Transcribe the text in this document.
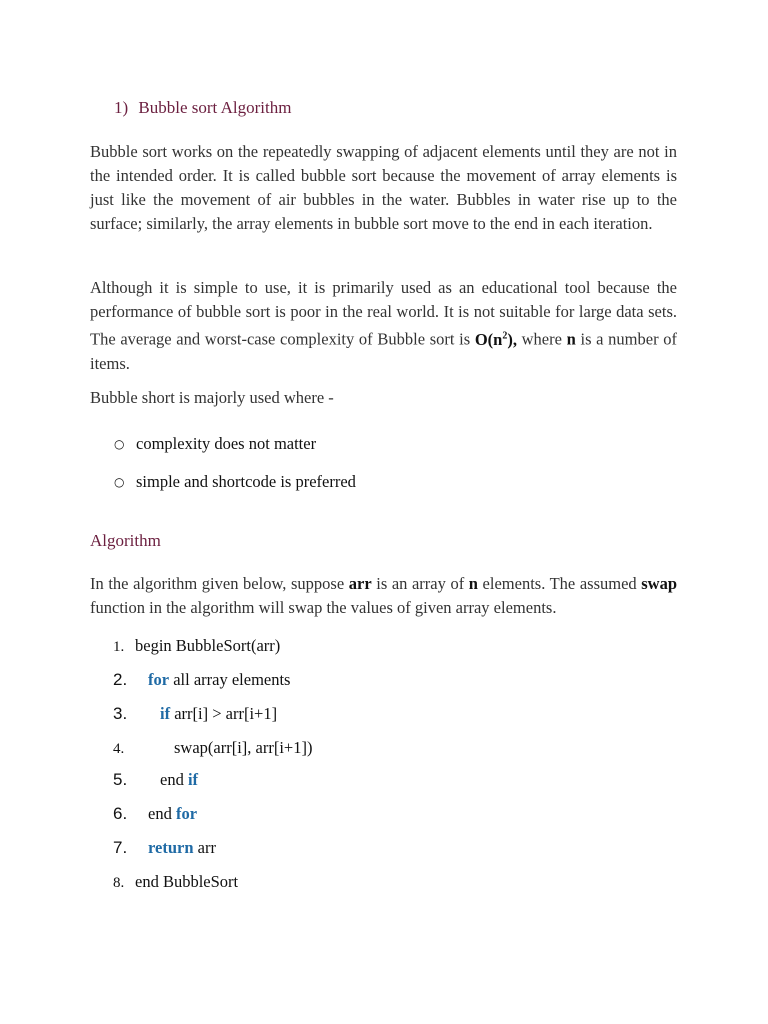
1) Bubble sort Algorithm
Bubble sort works on the repeatedly swapping of adjacent elements until they are not in the intended order. It is called bubble sort because the movement of array elements is just like the movement of air bubbles in the water. Bubbles in water rise up to the surface; similarly, the array elements in bubble sort move to the end in each iteration.
Although it is simple to use, it is primarily used as an educational tool because the performance of bubble sort is poor in the real world. It is not suitable for large data sets. The average and worst-case complexity of Bubble sort is $O(n^2)$, where n is a number of items.
Bubble short is majorly used where -
○ complexity does not matter
○ simple and shortcode is preferred
Algorithm
In the algorithm given below, suppose arr is an array of n elements. The assumed swap function in the algorithm will swap the values of given array elements.
1. begin BubbleSort(arr)
2. for all array elements
3. if arr[i] > arr[i+1]
4.	swap(arr[i], arr[i+1])
5. end if
6. end for
7. return arr
8. end BubbleSort
